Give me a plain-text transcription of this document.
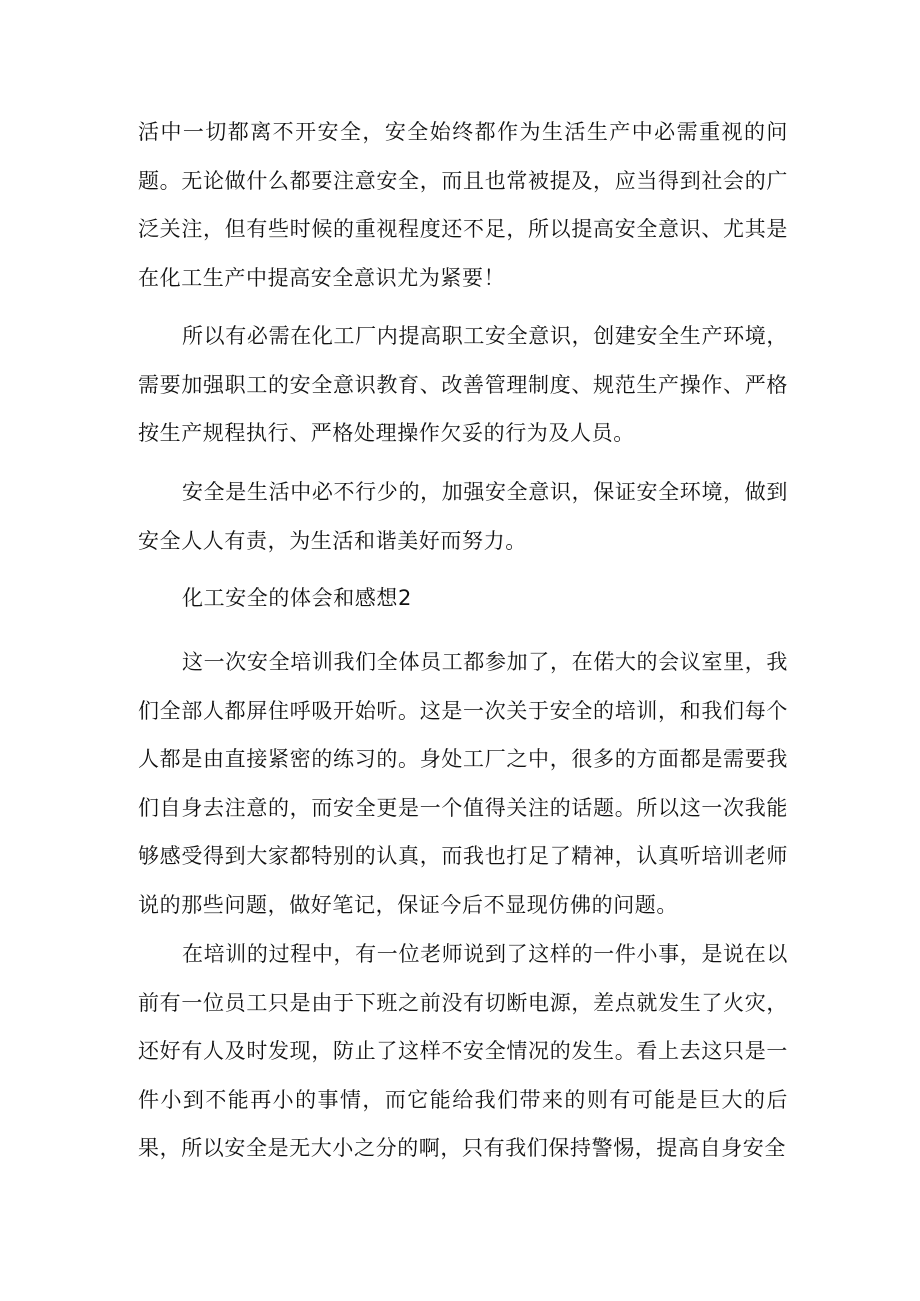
活中一切都离不开安全，安全始终都作为生活生产中必需重视的问题。无论做什么都要注意安全，而且也常被提及，应当得到社会的广泛关注，但有些时候的重视程度还不足，所以提高安全意识、尤其是在化工生产中提高安全意识尤为紧要！

所以有必需在化工厂内提高职工安全意识，创建安全生产环境，需要加强职工的安全意识教育、改善管理制度、规范生产操作、严格按生产规程执行、严格处理操作欠妥的行为及人员。

安全是生活中必不行少的，加强安全意识，保证安全环境，做到安全人人有责，为生活和谐美好而努力。

化工安全的体会和感想2

这一次安全培训我们全体员工都参加了，在偌大的会议室里，我们全部人都屏住呼吸开始听。这是一次关于安全的培训，和我们每个人都是由直接紧密的练习的。身处工厂之中，很多的方面都是需要我们自身去注意的，而安全更是一个值得关注的话题。所以这一次我能够感受得到大家都特别的认真，而我也打足了精神，认真听培训老师说的那些问题，做好笔记，保证今后不显现仿佛的问题。

在培训的过程中，有一位老师说到了这样的一件小事，是说在以前有一位员工只是由于下班之前没有切断电源，差点就发生了火灾，还好有人及时发现，防止了这样不安全情况的发生。看上去这只是一件小到不能再小的事情，而它能给我们带来的则有可能是巨大的后果，所以安全是无大小之分的啊，只有我们保持警惕，提高自身安全
